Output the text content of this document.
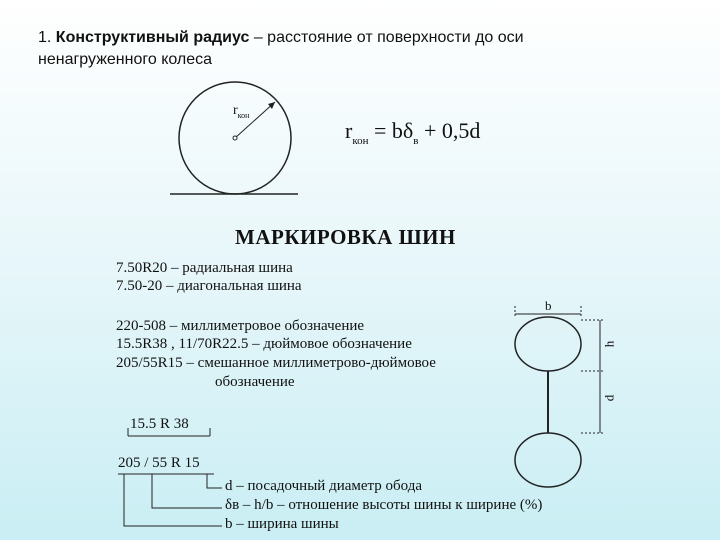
1. Конструктивный радиус – расстояние от поверхности до оси ненагруженного колеса
$r_{кон}$
$r_{кон} = b\delta_в + 0,5d$
МАРКИРОВКА ШИН
7.50R20 – радиальная шина
7.50-20 – диагональная шина
220-508 – миллиметровое обозначение
15.5R38 , 11/70R22.5 – дюймовое обозначение
205/55R15 – смешанное миллиметрово-дюймовое
обозначение
15.5 R 38
205 / 55 R 15
d – посадочный диаметр обода
δв – h/b – отношение высоты шины к ширине (%)
b – ширина шины
b
h
d
